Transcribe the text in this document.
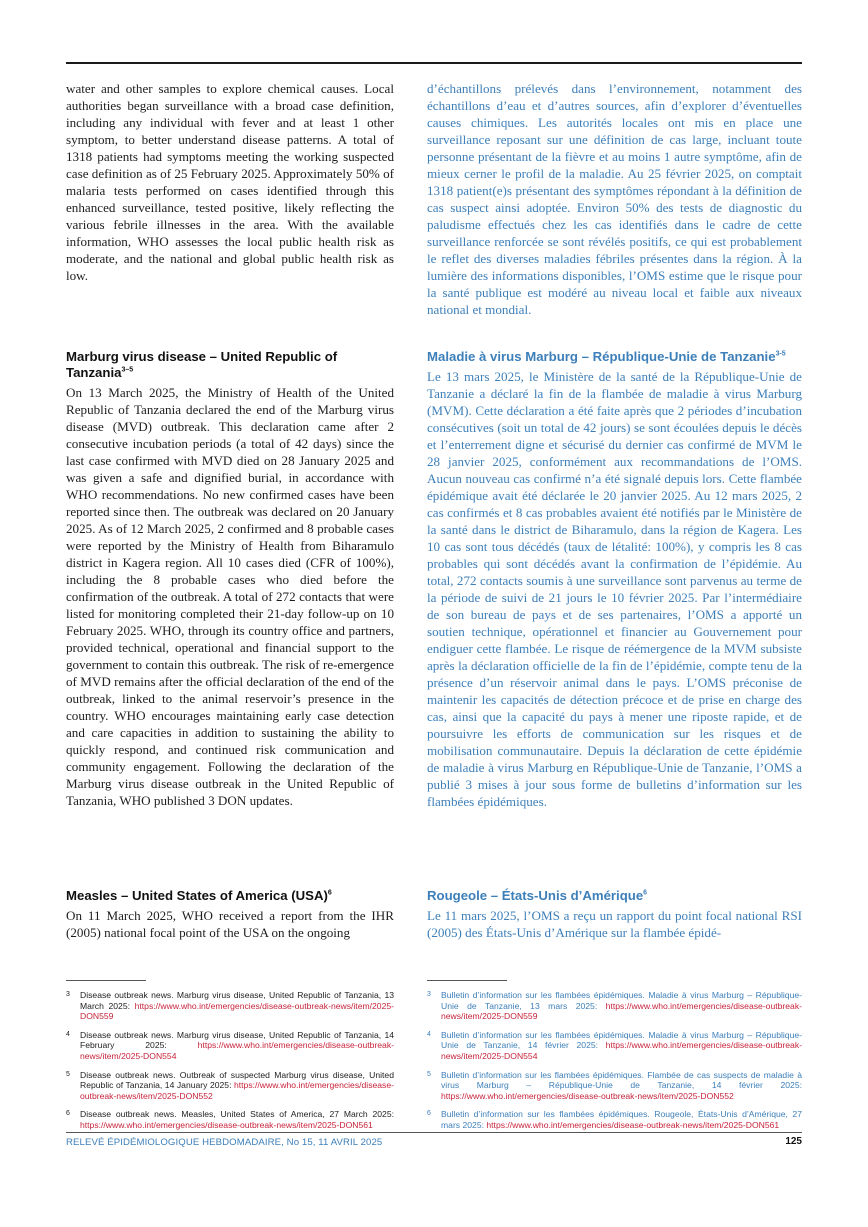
water and other samples to explore chemical causes. Local authorities began surveillance with a broad case definition, including any individual with fever and at least 1 other symptom, to better understand disease patterns. A total of 1318 patients had symptoms meeting the working suspected case definition as of 25 February 2025. Approximately 50% of malaria tests performed on cases identified through this enhanced surveillance, tested positive, likely reflecting the various febrile illnesses in the area. With the available information, WHO assesses the local public health risk as moderate, and the national and global public health risk as low.

Marburg virus disease – United Republic of Tanzania$^{3-5}$

On 13 March 2025, the Ministry of Health of the United Republic of Tanzania declared the end of the Marburg virus disease (MVD) outbreak. This declaration came after 2 consecutive incubation periods (a total of 42 days) since the last case confirmed with MVD died on 28 January 2025 and was given a safe and dignified burial, in accordance with WHO recommendations. No new confirmed cases have been reported since then. The outbreak was declared on 20 January 2025. As of 12 March 2025, 2 confirmed and 8 probable cases were reported by the Ministry of Health from Biharamulo district in Kagera region. All 10 cases died (CFR of 100%), including the 8 probable cases who died before the confirmation of the outbreak. A total of 272 contacts that were listed for monitoring completed their 21-day follow-up on 10 February 2025. WHO, through its country office and partners, provided technical, operational and financial support to the government to contain this outbreak. The risk of re-emergence of MVD remains after the official declaration of the end of the outbreak, linked to the animal reservoir’s presence in the country. WHO encourages maintaining early case detection and care capacities in addition to sustaining the ability to quickly respond, and continued risk communication and community engagement. Following the declaration of the Marburg virus disease outbreak in the United Republic of Tanzania, WHO published 3 DON updates.

Measles – United States of America (USA)$^6$

On 11 March 2025, WHO received a report from the IHR (2005) national focal point of the USA on the ongoing

d’échantillons prélevés dans l’environnement, notamment des échantillons d’eau et d’autres sources, afin d’explorer d’éventuelles causes chimiques. Les autorités locales ont mis en place une surveillance reposant sur une définition de cas large, incluant toute personne présentant de la fièvre et au moins 1 autre symptôme, afin de mieux cerner le profil de la maladie. Au 25 février 2025, on comptait 1318 patient(e)s présentant des symptômes répondant à la définition de cas suspect ainsi adoptée. Environ 50% des tests de diagnostic du paludisme effectués chez les cas identifiés dans le cadre de cette surveillance renforcée se sont révélés positifs, ce qui est probablement le reflet des diverses maladies fébriles présentes dans la région. À la lumière des informations disponibles, l’OMS estime que le risque pour la santé publique est modéré au niveau local et faible aux niveaux national et mondial.

Maladie à virus Marburg – République-Unie de Tanzanie$^{3-5}$

Le 13 mars 2025, le Ministère de la santé de la République-Unie de Tanzanie a déclaré la fin de la flambée de maladie à virus Marburg (MVM). Cette déclaration a été faite après que 2 périodes d’incubation consécutives (soit un total de 42 jours) se sont écoulées depuis le décès et l’enterrement digne et sécurisé du dernier cas confirmé de MVM le 28 janvier 2025, conformément aux recommandations de l’OMS. Aucun nouveau cas confirmé n’a été signalé depuis lors. Cette flambée épidémique avait été déclarée le 20 janvier 2025. Au 12 mars 2025, 2 cas confirmés et 8 cas probables avaient été notifiés par le Ministère de la santé dans le district de Biharamulo, dans la région de Kagera. Les 10 cas sont tous décédés (taux de létalité: 100%), y compris les 8 cas probables qui sont décédés avant la confirmation de l’épidémie. Au total, 272 contacts soumis à une surveillance sont parvenus au terme de la période de suivi de 21 jours le 10 février 2025. Par l’intermédiaire de son bureau de pays et de ses partenaires, l’OMS a apporté un soutien technique, opérationnel et financier au Gouvernement pour endiguer cette flambée. Le risque de réémergence de la MVM subsiste après la déclaration officielle de la fin de l’épidémie, compte tenu de la présence d’un réservoir animal dans le pays. L’OMS préconise de maintenir les capacités de détection précoce et de prise en charge des cas, ainsi que la capacité du pays à mener une riposte rapide, et de poursuivre les efforts de communication sur les risques et de mobilisation communautaire. Depuis la déclaration de cette épidémie de maladie à virus Marburg en République-Unie de Tanzanie, l’OMS a publié 3 mises à jour sous forme de bulletins d’information sur les flambées épidémiques.

Rougeole – États-Unis d’Amérique$^6$

Le 11 mars 2025, l’OMS a reçu un rapport du point focal national RSI (2005) des États-Unis d’Amérique sur la flambée épidé-

3	Disease outbreak news. Marburg virus disease, United Republic of Tanzania, 13 March 2025: https://www.who.int/emergencies/disease-outbreak-news/item/2025-DON559
4	Disease outbreak news. Marburg virus disease, United Republic of Tanzania, 14 February 2025: https://www.who.int/emergencies/disease-outbreak-news/item/2025-DON554
5	Disease outbreak news. Outbreak of suspected Marburg virus disease, United Republic of Tanzania, 14 January 2025: https://www.who.int/emergencies/disease-outbreak-news/item/2025-DON552
6	Disease outbreak news. Measles, United States of America, 27 March 2025: https://www.who.int/emergencies/disease-outbreak-news/item/2025-DON561
3	Bulletin d’information sur les flambées épidémiques. Maladie à virus Marburg – République-Unie de Tanzanie, 13 mars 2025: https://www.who.int/emergencies/disease-outbreak-news/item/2025-DON559
4	Bulletin d’information sur les flambées épidémiques. Maladie à virus Marburg – République-Unie de Tanzanie, 14 février 2025: https://www.who.int/emergencies/disease-outbreak-news/item/2025-DON554
5	Bulletin d’information sur les flambées épidémiques. Flambée de cas suspects de maladie à virus Marburg – République-Unie de Tanzanie, 14 février 2025: https://www.who.int/emergencies/disease-outbreak-news/item/2025-DON552
6	Bulletin d’information sur les flambées épidémiques. Rougeole, États-Unis d’Amérique, 27 mars 2025: https://www.who.int/emergencies/disease-outbreak-news/item/2025-DON561
RELEVÉ ÉPIDÉMIOLOGIQUE HEBDOMADAIRE, No 15, 11 AVRIL 2025	125
